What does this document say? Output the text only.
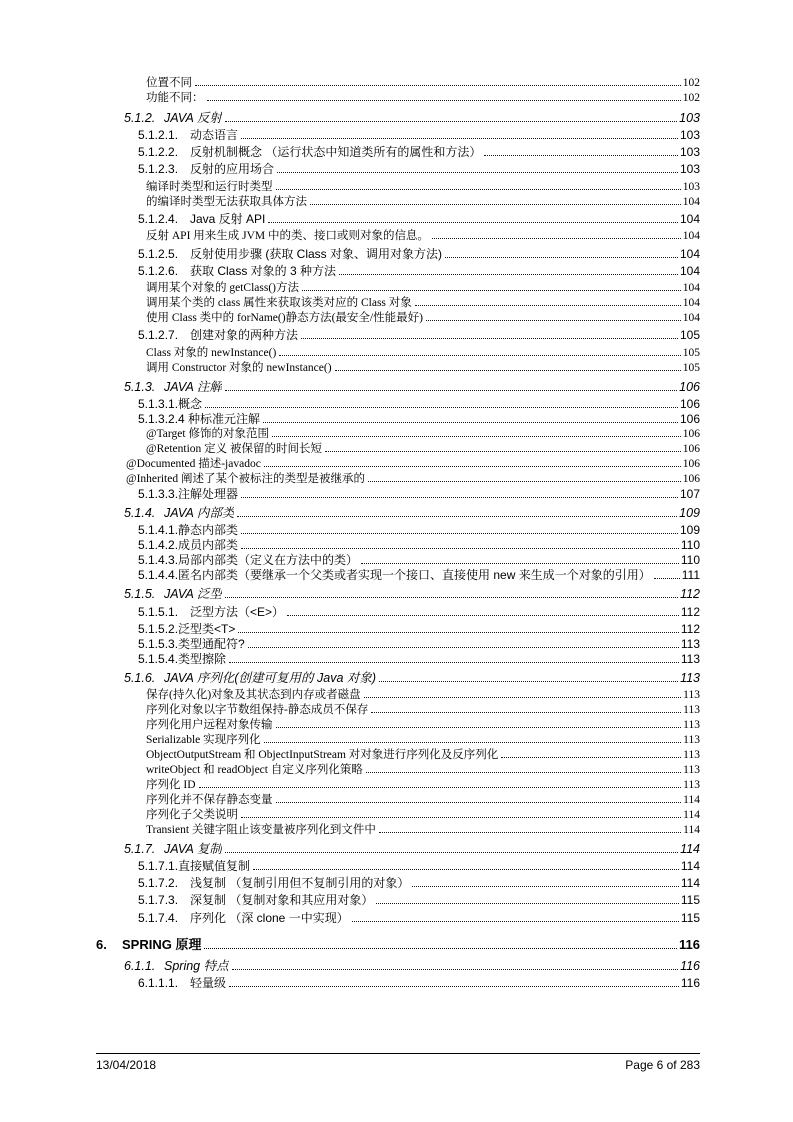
位置不同	102
功能不同：	102
5.1.2. JAVA 反射	103
5.1.2.1. 动态语言	103
5.1.2.2. 反射机制概念 （运行状态中知道类所有的属性和方法）	103
5.1.2.3. 反射的应用场合	103
编译时类型和运行时类型	103
的编译时类型无法获取具体方法	104
5.1.2.4. Java 反射 API	104
反射 API 用来生成 JVM 中的类、接口或则对象的信息。	104
5.1.2.5. 反射使用步骤 (获取 Class 对象、调用对象方法)	104
5.1.2.6. 获取 Class 对象的 3 种方法	104
调用某个对象的 getClass()方法	104
调用某个类的 class 属性来获取该类对应的 Class 对象	104
使用 Class 类中的 forName()静态方法(最安全/性能最好)	104
5.1.2.7. 创建对象的两种方法	105
Class 对象的 newInstance()	105
调用 Constructor 对象的 newInstance()	105
5.1.3. JAVA 注解	106
5.1.3.1. 概念	106
5.1.3.2. 4 种标准元注解	106
@Target 修饰的对象范围	106
@Retention 定义 被保留的时间长短	106
@Documented 描述-javadoc	106
@Inherited 阐述了某个被标注的类型是被继承的	106
5.1.3.3. 注解处理器	107
5.1.4. JAVA 内部类	109
5.1.4.1. 静态内部类	109
5.1.4.2. 成员内部类	110
5.1.4.3. 局部内部类（定义在方法中的类）	110
5.1.4.4. 匿名内部类（要继承一个父类或者实现一个接口、直接使用 new 来生成一个对象的引用）	111
5.1.5. JAVA 泛型	112
5.1.5.1. 泛型方法（<E>）	112
5.1.5.2. 泛型类<T>	112
5.1.5.3. 类型通配符?	113
5.1.5.4. 类型擦除	113
5.1.6. JAVA 序列化(创建可复用的 Java 对象)	113
保存(持久化)对象及其状态到内存或者磁盘	113
序列化对象以字节数组保持-静态成员不保存	113
序列化用户远程对象传输	113
Serializable 实现序列化	113
ObjectOutputStream 和 ObjectInputStream 对对象进行序列化及反序列化	113
writeObject 和 readObject 自定义序列化策略	113
序列化 ID	113
序列化并不保存静态变量	114
序列化子父类说明	114
Transient 关键字阻止该变量被序列化到文件中	114
5.1.7. JAVA 复制	114
5.1.7.1. 直接赋值复制	114
5.1.7.2. 浅复制 （复制引用但不复制引用的对象）	114
5.1.7.3. 深复制 （复制对象和其应用对象）	115
5.1.7.4. 序列化 （深 clone 一中实现）	115
6.	SPRING 原理	116
6.1.1. Spring 特点	116
6.1.1.1. 轻量级	116
13/04/2018	Page 6 of 283
